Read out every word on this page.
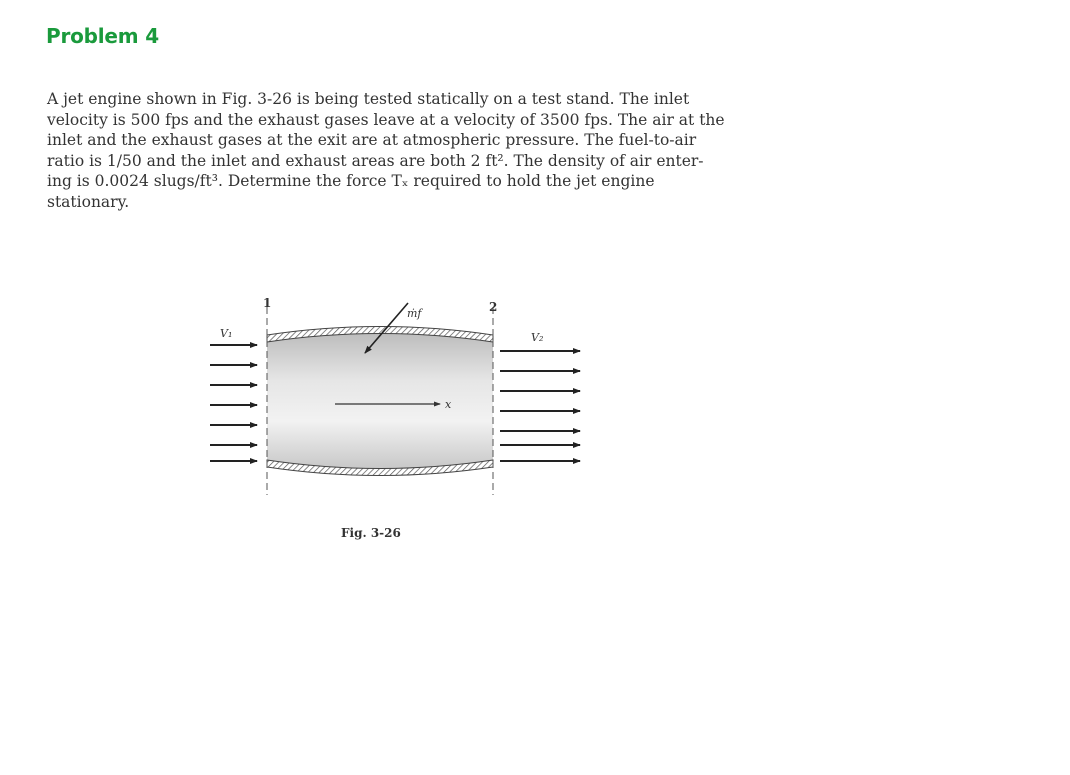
Problem 4
A jet engine shown in Fig. 3-26 is being tested statically on a test stand. The inlet
velocity is 500 fps and the exhaust gases leave at a velocity of 3500 fps. The air at the
inlet and the exhaust gases at the exit are at atmospheric pressure. The fuel-to-air
ratio is 1/50 and the inlet and exhaust areas are both 2 ft². The density of air enter-
ing is 0.0024 slugs/ft³. Determine the force Tₓ required to hold the jet engine
stationary.
1	2
V₁	V₂
ṁf
x
Fig. 3-26
